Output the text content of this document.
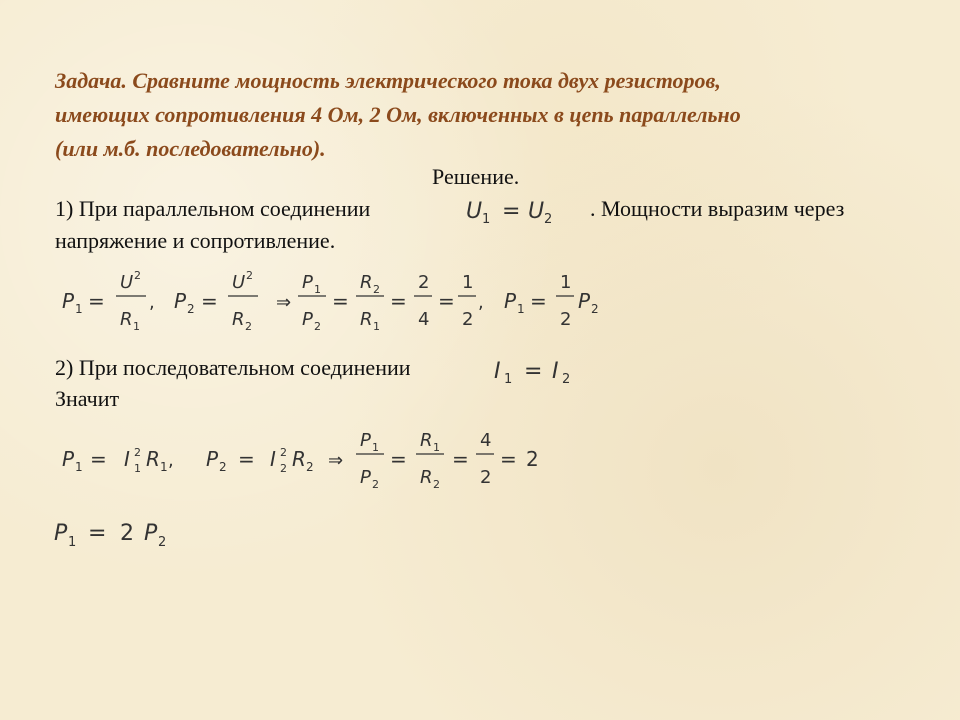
Задача. Сравните мощность электрического тока двух резисторов,
имеющих сопротивления 4 Ом, 2 Ом, включенных в цепь параллельно
(или м.б. последовательно).
Решение.
1) При параллельном соединении	. Мощности выразим через
напряжение и сопротивление.
U 1 = U 2
P 1 =
U 2
R 1
, P 2 =
U 2
R 2
⇒
P 1
P 2
=
R 2
R 1
=
2
4
=
1
2
, P 1 =
1
2
P 2
2) При последовательном соединении
Значит
I 1 = I 2
P 1 = I 2
1 R 1 , P 2 = I 2
2 R 2 ⇒
P 1
P 2
=
R 1
R 2
=
4
2
= 2
P 1 = 2 P 2
